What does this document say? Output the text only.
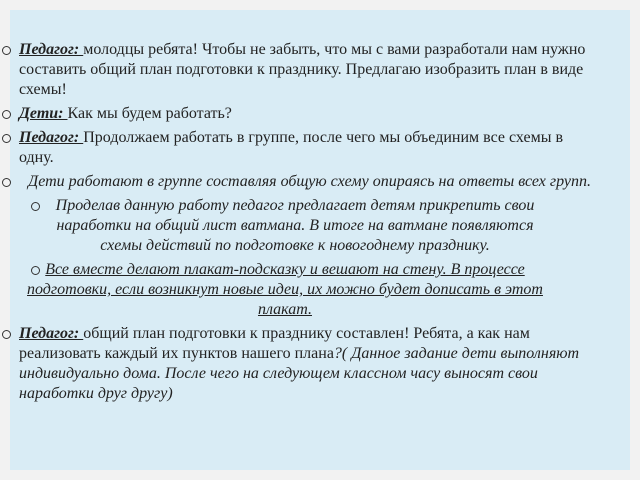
Педагог: молодцы ребята! Чтобы не забыть, что мы с вами разработали нам нужно составить общий план подготовки к празднику. Предлагаю изобразить план в виде схемы!
Дети: Как мы будем работать?
Педагог: Продолжаем работать в группе, после чего мы объединим все схемы в одну.
Дети работают в группе составляя общую схему опираясь на ответы всех групп.
Проделав данную работу педагог предлагает детям прикрепить свои наработки на общий лист ватмана. В итоге на ватмане появляются схемы действий по подготовке к новогоднему празднику.
Все вместе делают плакат-подсказку и вешают на стену. В процессе подготовки, если возникнут новые идеи, их можно будет дописать в этот плакат.
Педагог: общий план подготовки к празднику составлен! Ребята, а как нам реализовать каждый их пунктов нашего плана?( Данное задание дети выполняют индивидуально дома. После чего на следующем классном часу выносят свои наработки друг другу)
